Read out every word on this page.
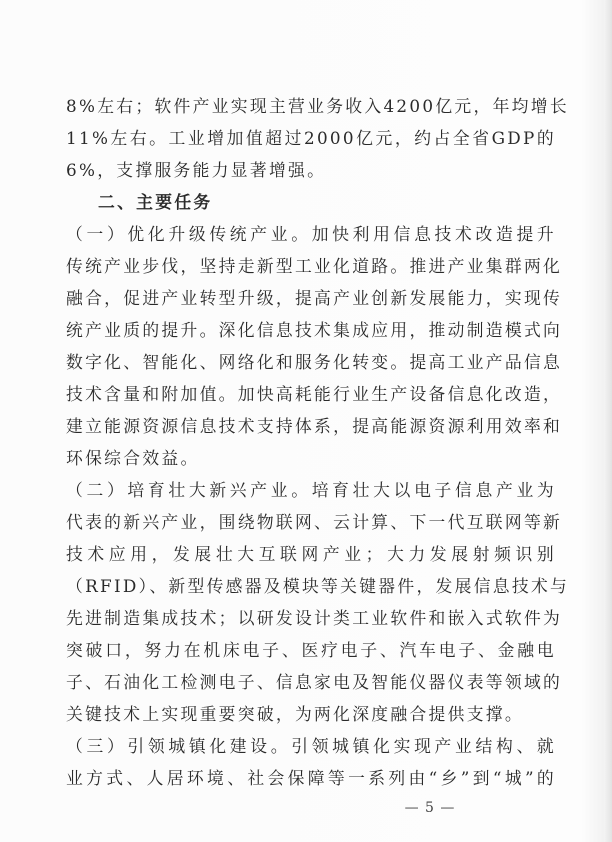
8%左右；软件产业实现主营业务收入4200亿元，年均增长
11%左右。工业增加值超过2000亿元，约占全省GDP的
6%，支撑服务能力显著增强。
二、主要任务
（一）优化升级传统产业。加快利用信息技术改造提升
传统产业步伐，坚持走新型工业化道路。推进产业集群两化
融合，促进产业转型升级，提高产业创新发展能力，实现传
统产业质的提升。深化信息技术集成应用，推动制造模式向
数字化、智能化、网络化和服务化转变。提高工业产品信息
技术含量和附加值。加快高耗能行业生产设备信息化改造，
建立能源资源信息技术支持体系，提高能源资源利用效率和
环保综合效益。
（二）培育壮大新兴产业。培育壮大以电子信息产业为
代表的新兴产业，围绕物联网、云计算、下一代互联网等新
技术应用，发展壮大互联网产业；大力发展射频识别
（RFID）、新型传感器及模块等关键器件，发展信息技术与
先进制造集成技术；以研发设计类工业软件和嵌入式软件为
突破口，努力在机床电子、医疗电子、汽车电子、金融电
子、石油化工检测电子、信息家电及智能仪器仪表等领域的
关键技术上实现重要突破，为两化深度融合提供支撑。
（三）引领城镇化建设。引领城镇化实现产业结构、就
业方式、人居环境、社会保障等一系列由“乡”到“城”的
— 5 —
